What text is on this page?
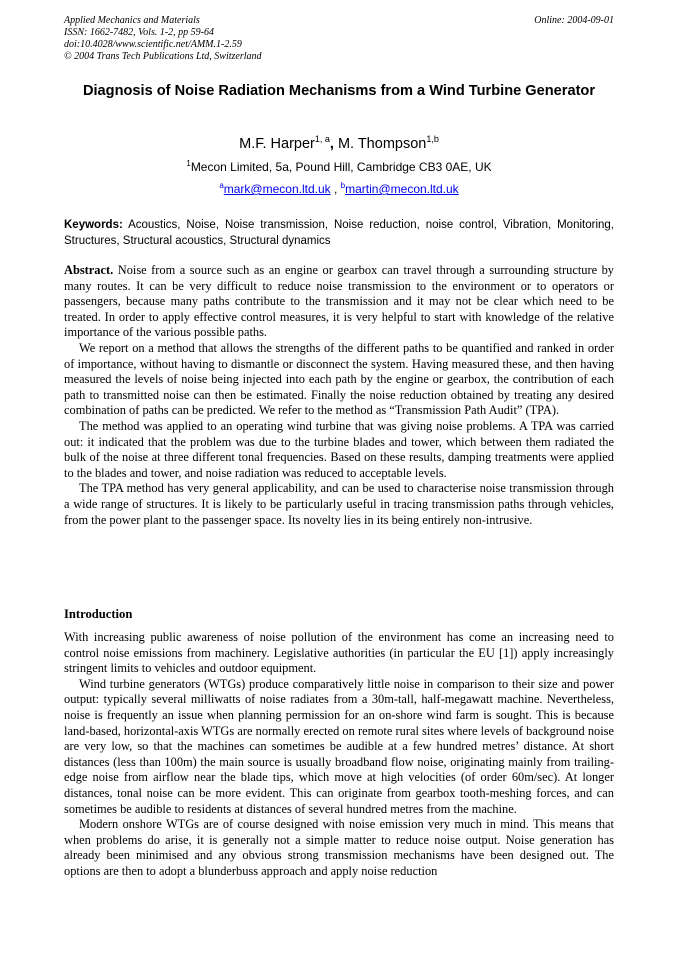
Applied Mechanics and Materials
ISSN: 1662-7482, Vols. 1-2, pp 59-64
doi:10.4028/www.scientific.net/AMM.1-2.59
© 2004 Trans Tech Publications Ltd, Switzerland
Online: 2004-09-01
Diagnosis of Noise Radiation Mechanisms from a Wind Turbine Generator
M.F. Harper$^{1, a}$, M. Thompson$^{1,b}$
$^1$Mecon Limited, 5a, Pound Hill, Cambridge CB3 0AE, UK
$^a$mark@mecon.ltd.uk , $^b$martin@mecon.ltd.uk
Keywords: Acoustics, Noise, Noise transmission, Noise reduction, noise control, Vibration, Monitoring, Structures, Structural acoustics, Structural dynamics

Abstract. Noise from a source such as an engine or gearbox can travel through a surrounding structure by many routes. It can be very difficult to reduce noise transmission to the environment or to operators or passengers, because many paths contribute to the transmission and it may not be clear which need to be treated. In order to apply effective control measures, it is very helpful to start with knowledge of the relative importance of the various possible paths.

We report on a method that allows the strengths of the different paths to be quantified and ranked in order of importance, without having to dismantle or disconnect the system. Having measured these, and then having measured the levels of noise being injected into each path by the engine or gearbox, the contribution of each path to transmitted noise can then be estimated. Finally the noise reduction obtained by treating any desired combination of paths can be predicted. We refer to the method as “Transmission Path Audit” (TPA).

The method was applied to an operating wind turbine that was giving noise problems. A TPA was carried out: it indicated that the problem was due to the turbine blades and tower, which between them radiated the bulk of the noise at three different tonal frequencies. Based on these results, damping treatments were applied to the blades and tower, and noise radiation was reduced to acceptable levels.

The TPA method has very general applicability, and can be used to characterise noise transmission through a wide range of structures. It is likely to be particularly useful in tracing transmission paths through vehicles, from the power plant to the passenger space. Its novelty lies in its being entirely non-intrusive.

Introduction

With increasing public awareness of noise pollution of the environment has come an increasing need to control noise emissions from machinery. Legislative authorities (in particular the EU [1]) apply increasingly stringent limits to vehicles and outdoor equipment.

Wind turbine generators (WTGs) produce comparatively little noise in comparison to their size and power output: typically several milliwatts of noise radiates from a 30m-tall, half-megawatt machine. Nevertheless, noise is frequently an issue when planning permission for an on-shore wind farm is sought. This is because land-based, horizontal-axis WTGs are normally erected on remote rural sites where levels of background noise are very low, so that the machines can sometimes be audible at a few hundred metres’ distance. At short distances (less than 100m) the main source is usually broadband flow noise, originating mainly from trailing-edge noise from airflow near the blade tips, which move at high velocities (of order 60m/sec). At longer distances, tonal noise can be more evident. This can originate from gearbox tooth-meshing forces, and can sometimes be audible to residents at distances of several hundred metres from the machine.

Modern onshore WTGs are of course designed with noise emission very much in mind. This means that when problems do arise, it is generally not a simple matter to reduce noise output. Noise generation has already been minimised and any obvious strong transmission mechanisms have been designed out. The options are then to adopt a blunderbuss approach and apply noise reduction
